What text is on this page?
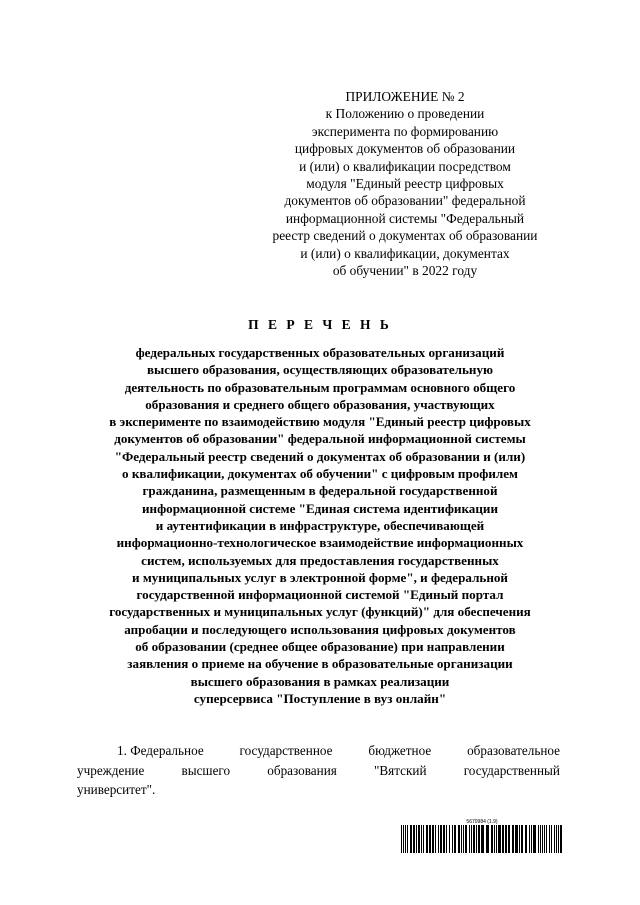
ПРИЛОЖЕНИЕ № 2
к Положению о проведении
эксперимента по формированию
цифровых документов об образовании
и (или) о квалификации посредством
модуля "Единый реестр цифровых
документов об образовании" федеральной
информационной системы "Федеральный
реестр сведений о документах об образовании
и (или) о квалификации, документах
об обучении" в 2022 году
П Е Р Е Ч Е Н Ь
федеральных государственных образовательных организаций
высшего образования, осуществляющих образовательную
деятельность по образовательным программам основного общего
образования и среднего общего образования, участвующих
в эксперименте по взаимодействию модуля "Единый реестр цифровых
документов об образовании" федеральной информационной системы
"Федеральный реестр сведений о документах об образовании и (или)
о квалификации, документах об обучении" с цифровым профилем
гражданина, размещенным в федеральной государственной
информационной системе "Единая система идентификации
и аутентификации в инфраструктуре, обеспечивающей
информационно-технологическое взаимодействие информационных
систем, используемых для предоставления государственных
и муниципальных услуг в электронной форме", и федеральной
государственной информационной системой "Единый портал
государственных и муниципальных услуг (функций)" для обеспечения
апробации и последующего использования цифровых документов
об образовании (среднее общее образование) при направлении
заявления о приеме на обучение в образовательные организации
высшего образования в рамках реализации
суперсервиса "Поступление в вуз онлайн"
1. Федеральное	государственное	бюджетное	образовательное
учреждение	высшего	образования	"Вятский	государственный
университет".
5670984 (1.9)
